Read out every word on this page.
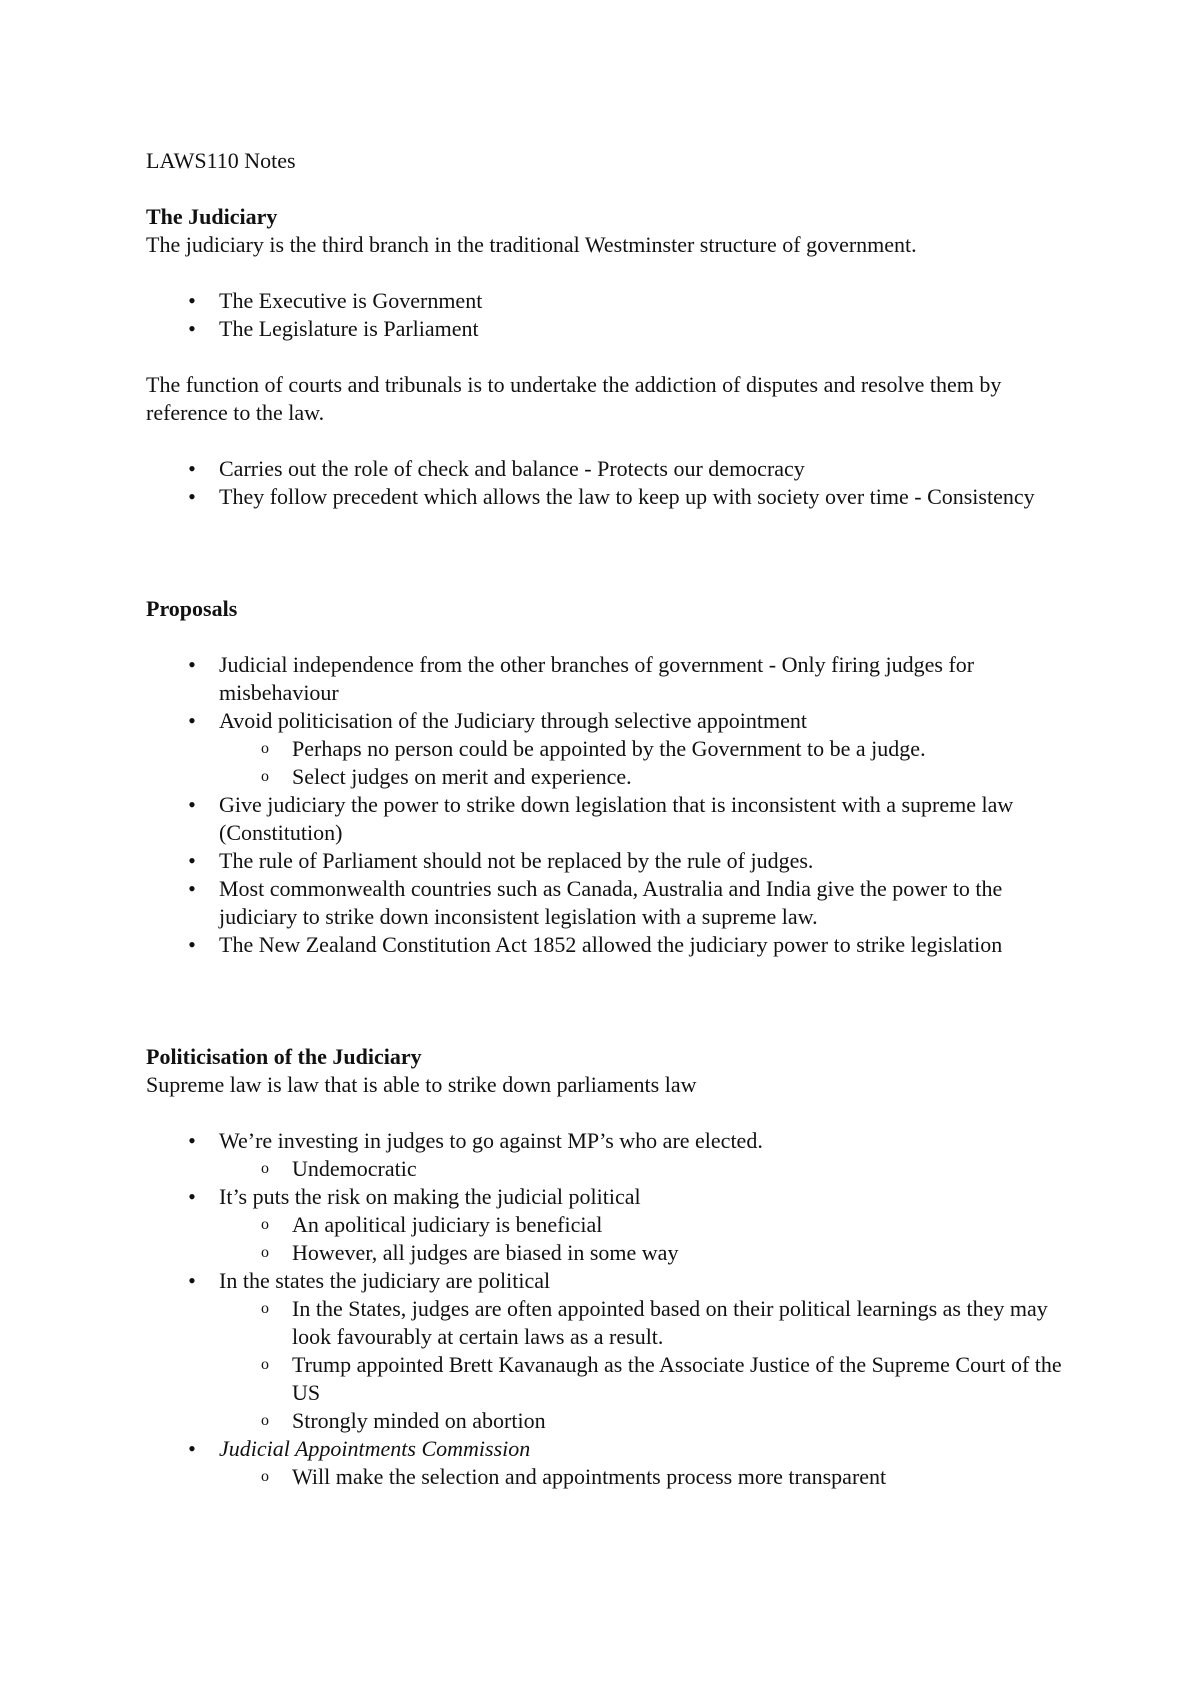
LAWS110 Notes

The Judiciary

The judiciary is the third branch in the traditional Westminster structure of government.

• The Executive is Government
• The Legislature is Parliament

The function of courts and tribunals is to undertake the addiction of disputes and resolve them by reference to the law.

• Carries out the role of check and balance - Protects our democracy
• They follow precedent which allows the law to keep up with society over time - Consistency

Proposals

• Judicial independence from the other branches of government - Only firing judges for misbehaviour
• Avoid politicisation of the Judiciary through selective appointment
o Perhaps no person could be appointed by the Government to be a judge.
o Select judges on merit and experience.
• Give judiciary the power to strike down legislation that is inconsistent with a supreme law (Constitution)
• The rule of Parliament should not be replaced by the rule of judges.
• Most commonwealth countries such as Canada, Australia and India give the power to the judiciary to strike down inconsistent legislation with a supreme law.
• The New Zealand Constitution Act 1852 allowed the judiciary power to strike legislation

Politicisation of the Judiciary

Supreme law is law that is able to strike down parliaments law

• We’re investing in judges to go against MP’s who are elected.
o Undemocratic
• It’s puts the risk on making the judicial political
o An apolitical judiciary is beneficial
o However, all judges are biased in some way
• In the states the judiciary are political
o In the States, judges are often appointed based on their political learnings as they may look favourably at certain laws as a result.
o Trump appointed Brett Kavanaugh as the Associate Justice of the Supreme Court of the US
o Strongly minded on abortion
• Judicial Appointments Commission
o Will make the selection and appointments process more transparent
